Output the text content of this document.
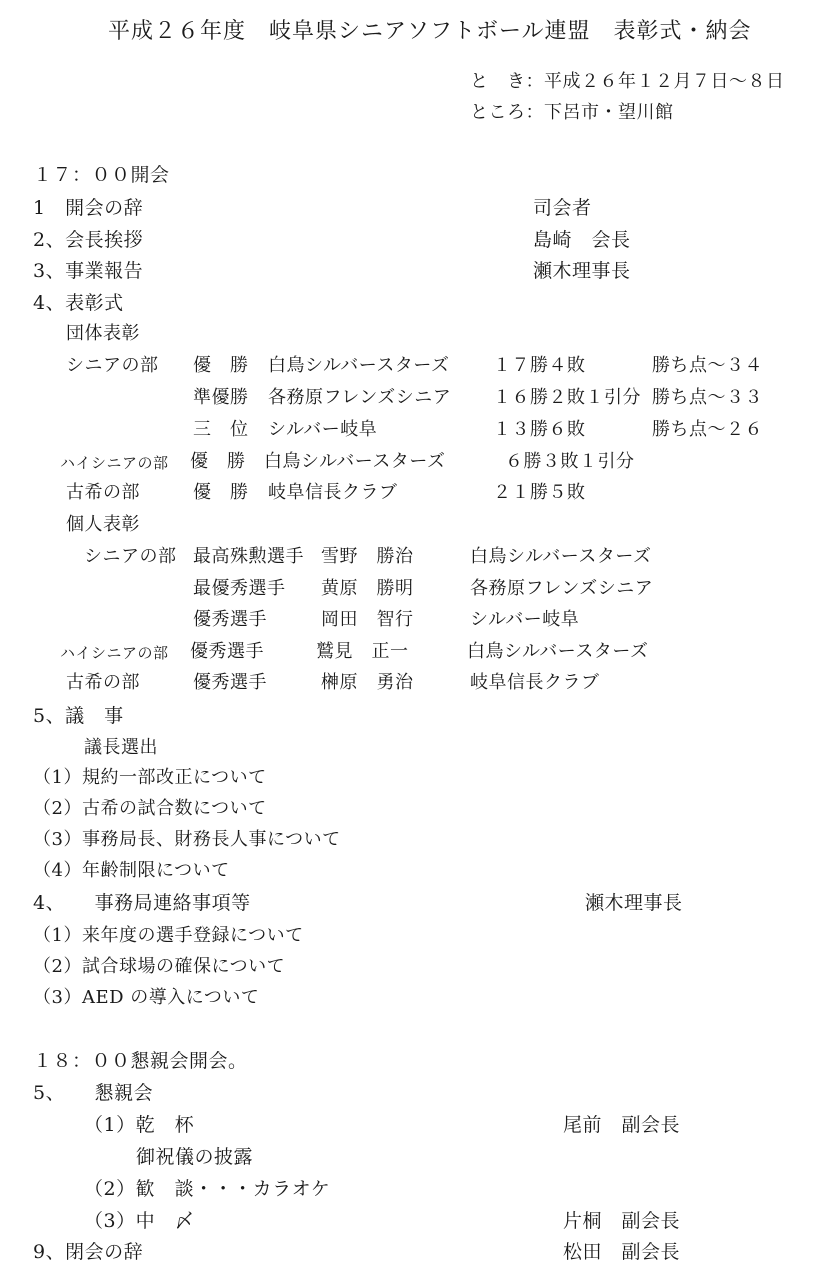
平成２６年度　岐阜県シニアソフトボール連盟　表彰式・納会
と　き：平成２６年１２月７日～８日
ところ：下呂市・望川館
１７：００開会
1　開会の辞	司会者
2、会長挨拶	島崎　会長
3、事業報告	瀬木理事長
4、表彰式
団体表彰
シニアの部 優　勝 白鳥シルバースターズ １７勝４敗	勝ち点～３４
準優勝 各務原フレンズシニア １６勝２敗１引分 勝ち点～３３
三　位 シルバー岐阜	１３勝６敗	勝ち点～２６
ハイシニアの部 優　勝 白鳥シルバースターズ	６勝３敗１引分
古希の部	優　勝 岐阜信長クラブ	２１勝５敗
個人表彰
シニアの部 最高殊勲選手 雪野　勝治	白鳥シルバースターズ
最優秀選手 黄原　勝明	各務原フレンズシニア
優秀選手	岡田　智行	シルバー岐阜
ハイシニアの部 優秀選手	鷲見　正一	白鳥シルバースターズ
古希の部	優秀選手	榊原　勇治	岐阜信長クラブ
5、議　事
議長選出
（1）規約一部改正について
（2）古希の試合数について
（3）事務局長、財務長人事について
（4）年齢制限について
4、　　事務局連絡事項等	瀬木理事長
（1）来年度の選手登録について
（2）試合球場の確保について
（3）AED の導入について
１８：００懇親会開会。
5、　　懇親会
（1）乾　杯	尾前　副会長
御祝儀の披露
（2）歓　談・・・カラオケ
（3）中　〆	片桐　副会長
9、閉会の辞	松田　副会長
